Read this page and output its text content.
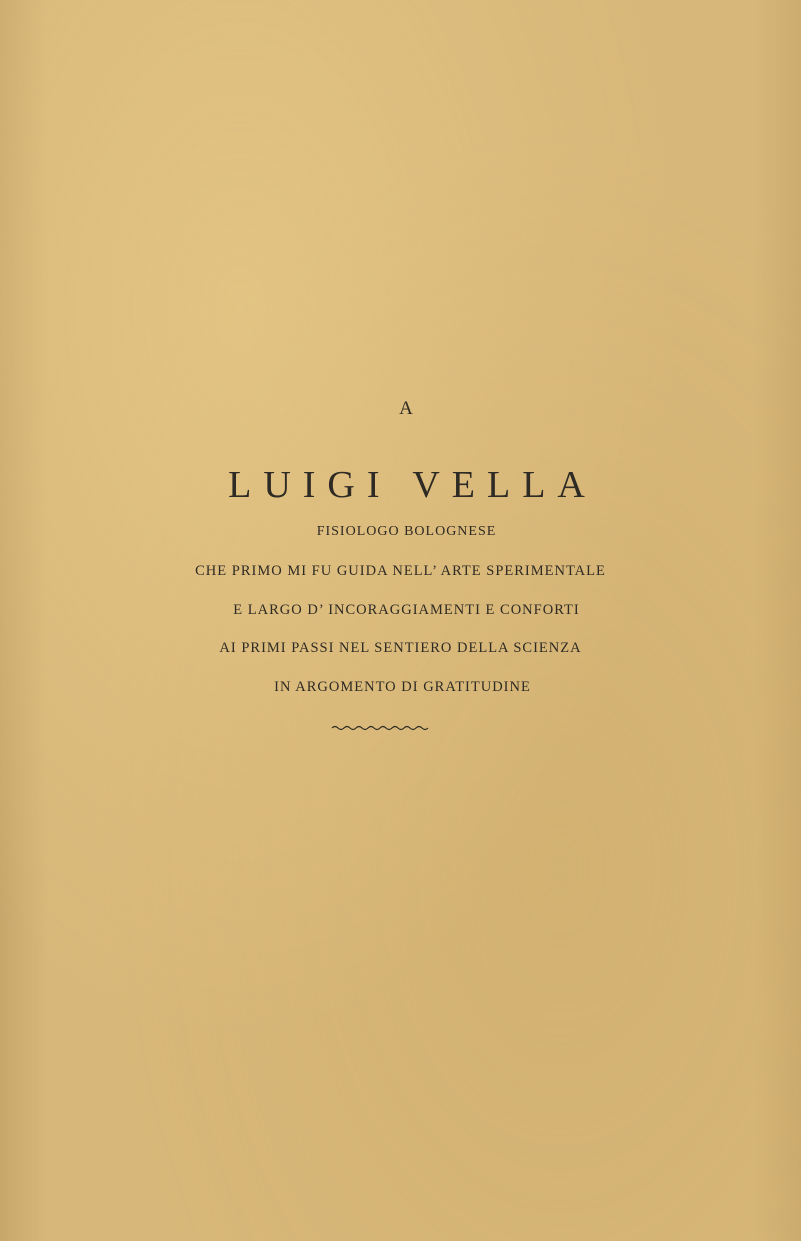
A
LUIGI VELLA
FISIOLOGO BOLOGNESE
CHE PRIMO MI FU GUIDA NELL’ ARTE SPERIMENTALE
E LARGO D’ INCORAGGIAMENTI E CONFORTI
AI PRIMI PASSI NEL SENTIERO DELLA SCIENZA
IN ARGOMENTO DI GRATITUDINE
